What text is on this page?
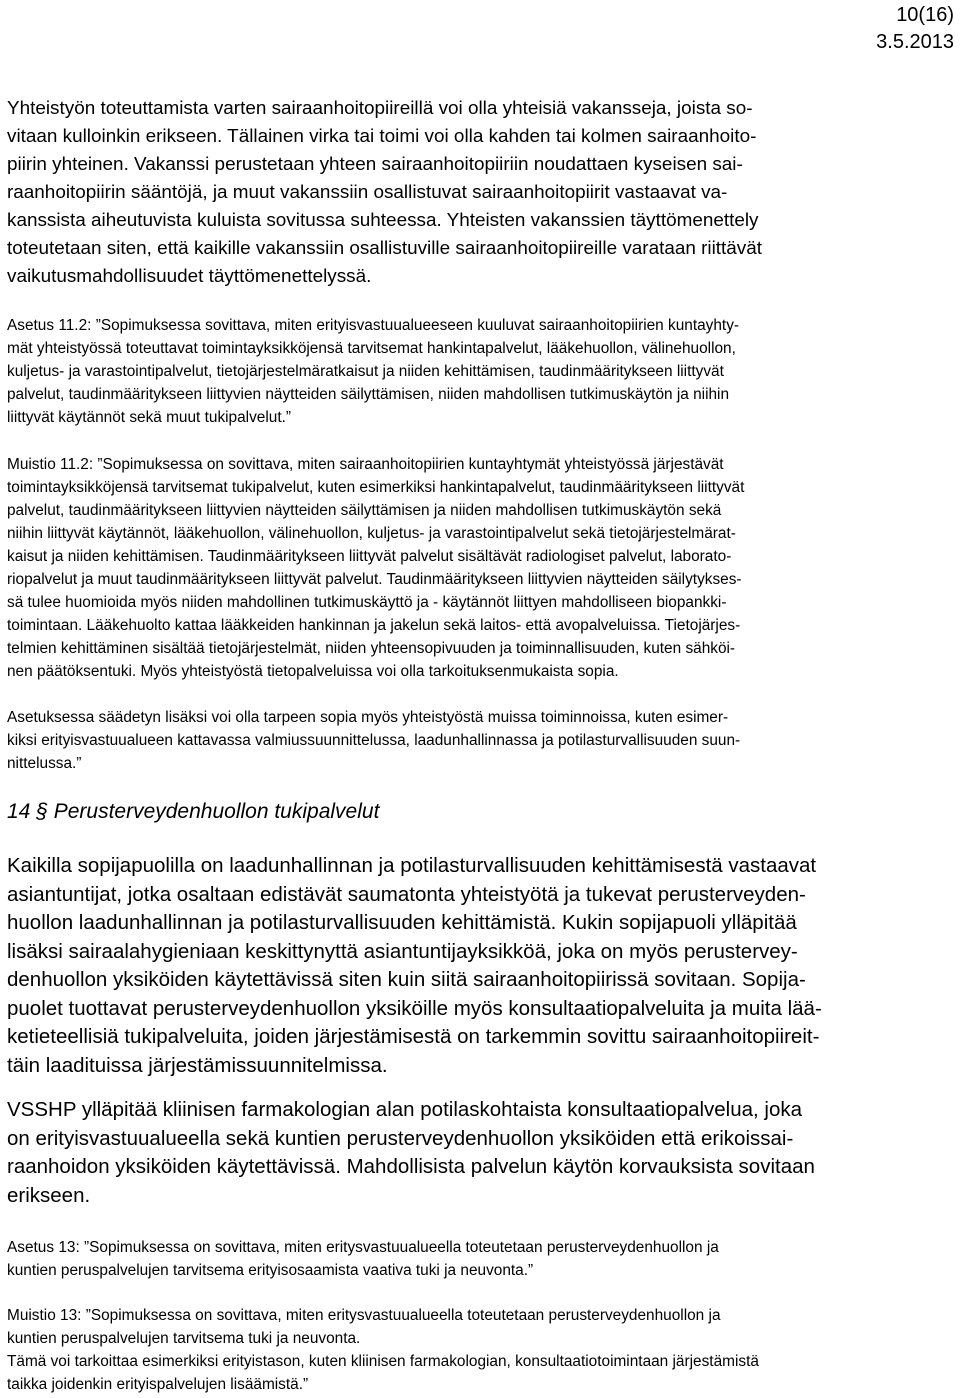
10(16)
3.5.2013
Yhteistyön toteuttamista varten sairaanhoitopiireillä voi olla yhteisiä vakansseja, joista so-
vitaan kulloinkin erikseen. Tällainen virka tai toimi voi olla kahden tai kolmen sairaanhoito-
piirin yhteinen. Vakanssi perustetaan yhteen sairaanhoitopiiriin noudattaen kyseisen sai-
raanhoitopiirin sääntöjä, ja muut vakanssiin osallistuvat sairaanhoitopiirit vastaavat va-
kanssista aiheutuvista kuluista sovitussa suhteessa. Yhteisten vakanssien täyttömenettely
toteutetaan siten, että kaikille vakanssiin osallistuville sairaanhoitopiireille varataan riittävät
vaikutusmahdollisuudet täyttömenettelyssä.
Asetus 11.2: ”Sopimuksessa sovittava, miten erityisvastuualueeseen kuuluvat sairaanhoitopiirien kuntayhty-
mät yhteistyössä toteuttavat toimintayksikköjensä tarvitsemat hankintapalvelut, lääkehuollon, välinehuollon,
kuljetus- ja varastointipalvelut, tietojärjestelmäratkaisut ja niiden kehittämisen, taudinmääritykseen liittyvät
palvelut, taudinmääritykseen liittyvien näytteiden säilyttämisen, niiden mahdollisen tutkimuskäytön ja niihin
liittyvät käytännöt sekä muut tukipalvelut.”
Muistio 11.2: ”Sopimuksessa on sovittava, miten sairaanhoitopiirien kuntayhtymät yhteistyössä järjestävät
toimintayksikköjensä tarvitsemat tukipalvelut, kuten esimerkiksi hankintapalvelut, taudinmääritykseen liittyvät
palvelut, taudinmääritykseen liittyvien näytteiden säilyttämisen ja niiden mahdollisen tutkimuskäytön sekä
niihin liittyvät käytännöt, lääkehuollon, välinehuollon, kuljetus- ja varastointipalvelut sekä tietojärjestelmärat-
kaisut ja niiden kehittämisen. Taudinmääritykseen liittyvät palvelut sisältävät radiologiset palvelut, laborato-
riopalvelut ja muut taudinmääritykseen liittyvät palvelut. Taudinmääritykseen liittyvien näytteiden säilytykses-
sä tulee huomioida myös niiden mahdollinen tutkimuskäyttö ja - käytännöt liittyen mahdolliseen biopankki-
toimintaan. Lääkehuolto kattaa lääkkeiden hankinnan ja jakelun sekä laitos- että avopalveluissa. Tietojärjes-
telmien kehittäminen sisältää tietojärjestelmät, niiden yhteensopivuuden ja toiminnallisuuden, kuten sähköi-
nen päätöksentuki. Myös yhteistyöstä tietopalveluissa voi olla tarkoituksenmukaista sopia.
Asetuksessa säädetyn lisäksi voi olla tarpeen sopia myös yhteistyöstä muissa toiminnoissa, kuten esimer-
kiksi erityisvastuualueen kattavassa valmiussuunnittelussa, laadunhallinnassa ja potilasturvallisuuden suun-
nittelussa.”
14 § Perusterveydenhuollon tukipalvelut
Kaikilla sopijapuolilla on laadunhallinnan ja potilasturvallisuuden kehittämisestä vastaavat
asiantuntijat, jotka osaltaan edistävät saumatonta yhteistyötä ja tukevat perusterveyden-
huollon laadunhallinnan ja potilasturvallisuuden kehittämistä. Kukin sopijapuoli ylläpitää
lisäksi sairaalahygieniaan keskittynyttä asiantuntijayksikköä, joka on myös perustervey-
denhuollon yksiköiden käytettävissä siten kuin siitä sairaanhoitopiirissä sovitaan. Sopija-
puolet tuottavat perusterveydenhuollon yksiköille myös konsultaatiopalveluita ja muita lää-
ketieteellisiä tukipalveluita, joiden järjestämisestä on tarkemmin sovittu sairaanhoitopiireit-
täin laadituissa järjestämissuunnitelmissa.
VSSHP ylläpitää kliinisen farmakologian alan potilaskohtaista konsultaatiopalvelua, joka
on erityisvastuualueella sekä kuntien perusterveydenhuollon yksiköiden että erikoissai-
raanhoidon yksiköiden käytettävissä. Mahdollisista palvelun käytön korvauksista sovitaan
erikseen.
Asetus 13: ”Sopimuksessa on sovittava, miten eritysvastuualueella toteutetaan perusterveydenhuollon ja
kuntien peruspalvelujen tarvitsema erityisosaamista vaativa tuki ja neuvonta.”
Muistio 13: ”Sopimuksessa on sovittava, miten eritysvastuualueella toteutetaan perusterveydenhuollon ja
kuntien peruspalvelujen tarvitsema tuki ja neuvonta.
Tämä voi tarkoittaa esimerkiksi erityistason, kuten kliinisen farmakologian, konsultaatiotoimintaan järjestämistä
taikka joidenkin erityispalvelujen lisäämistä.”
